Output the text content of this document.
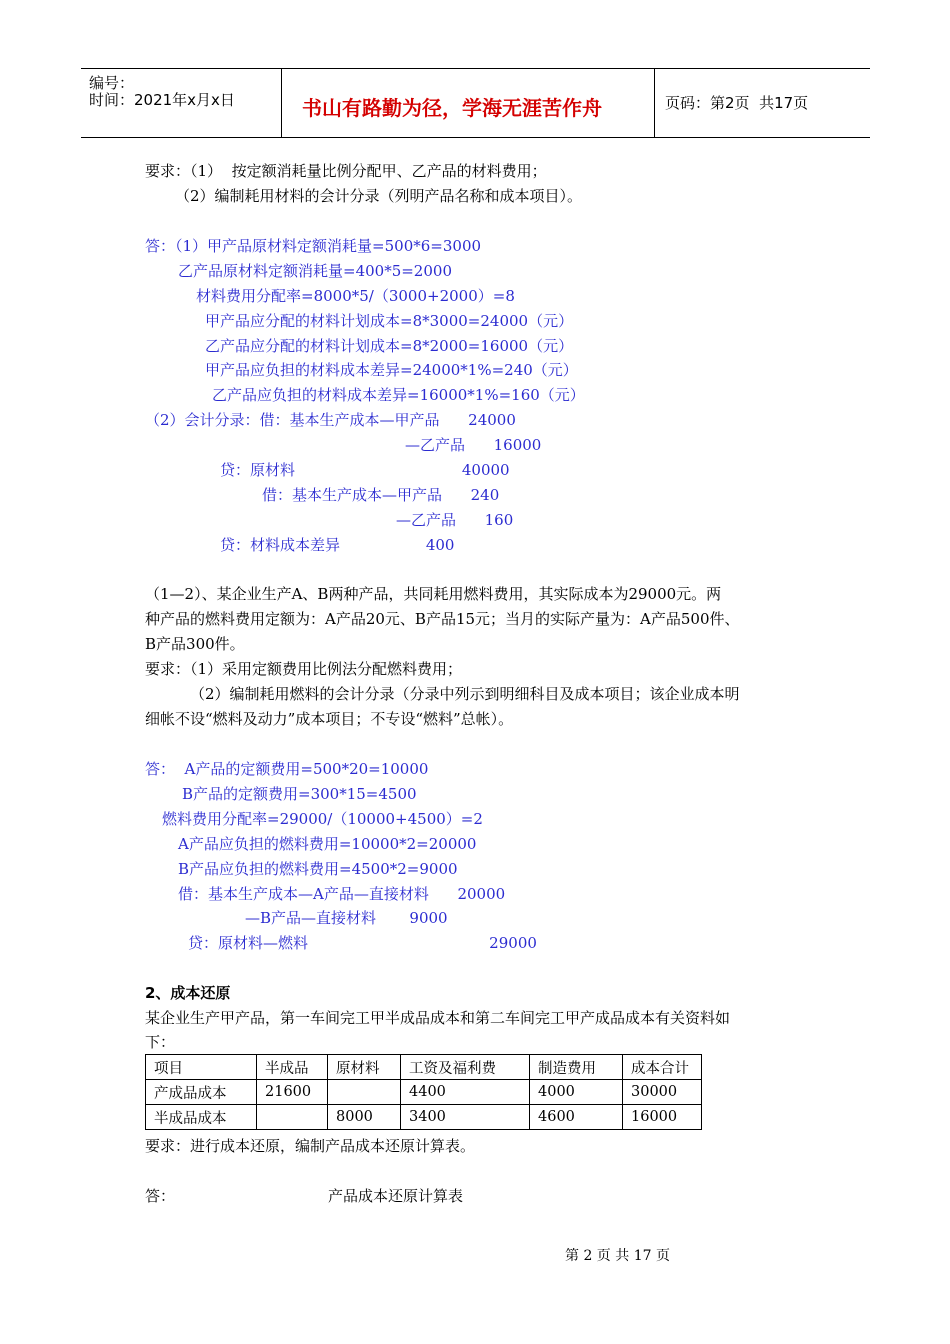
编号：
时间：2021年x月x日	书山有路勤为径，学海无涯苦作舟	页码：第2页  共17页
要求：（1）  按定额消耗量比例分配甲、乙产品的材料费用；
（2）编制耗用材料的会计分录（列明产品名称和成本项目）。
答：（1）甲产品原材料定额消耗量=500*6=3000
乙产品原材料定额消耗量=400*5=2000
材料费用分配率=8000*5/（3000+2000）=8
甲产品应分配的材料计划成本=8*3000=24000（元）
乙产品应分配的材料计划成本=8*2000=16000（元）
甲产品应负担的材料成本差异=24000*1%=240（元）
乙产品应负担的材料成本差异=16000*1%=160（元）
（2）会计分录：借：基本生产成本—甲产品      24000
—乙产品      16000
贷：原材料                                   40000
借：基本生产成本—甲产品      240
—乙产品      160
贷：材料成本差异                  400
（1—2）、某企业生产A、B两种产品，共同耗用燃料费用，其实际成本为29000元。两
种产品的燃料费用定额为：A产品20元、B产品15元；当月的实际产量为：A产品500件、
B产品300件。
要求：（1）采用定额费用比例法分配燃料费用；
（2）编制耗用燃料的会计分录（分录中列示到明细科目及成本项目；该企业成本明
细帐不设“燃料及动力”成本项目；不专设“燃料”总帐）。
答：  A产品的定额费用=500*20=10000
B产品的定额费用=300*15=4500
燃料费用分配率=29000/（10000+4500）=2
A产品应负担的燃料费用=10000*2=20000
B产品应负担的燃料费用=4500*2=9000
借：基本生产成本—A产品—直接材料      20000
—B产品—直接材料       9000
贷：原材料—燃料                                      29000
2、成本还原
某企业生产甲产品，第一车间完工甲半成品成本和第二车间完工甲产成品成本有关资料如
下：
项目	半成品	原材料	工资及福利费	制造费用	成本合计
产成品成本	21600		4400	4000	30000
半成品成本		8000	3400	4600	16000
要求：进行成本还原，编制产品成本还原计算表。
答：	产品成本还原计算表
第 2 页 共 17 页
